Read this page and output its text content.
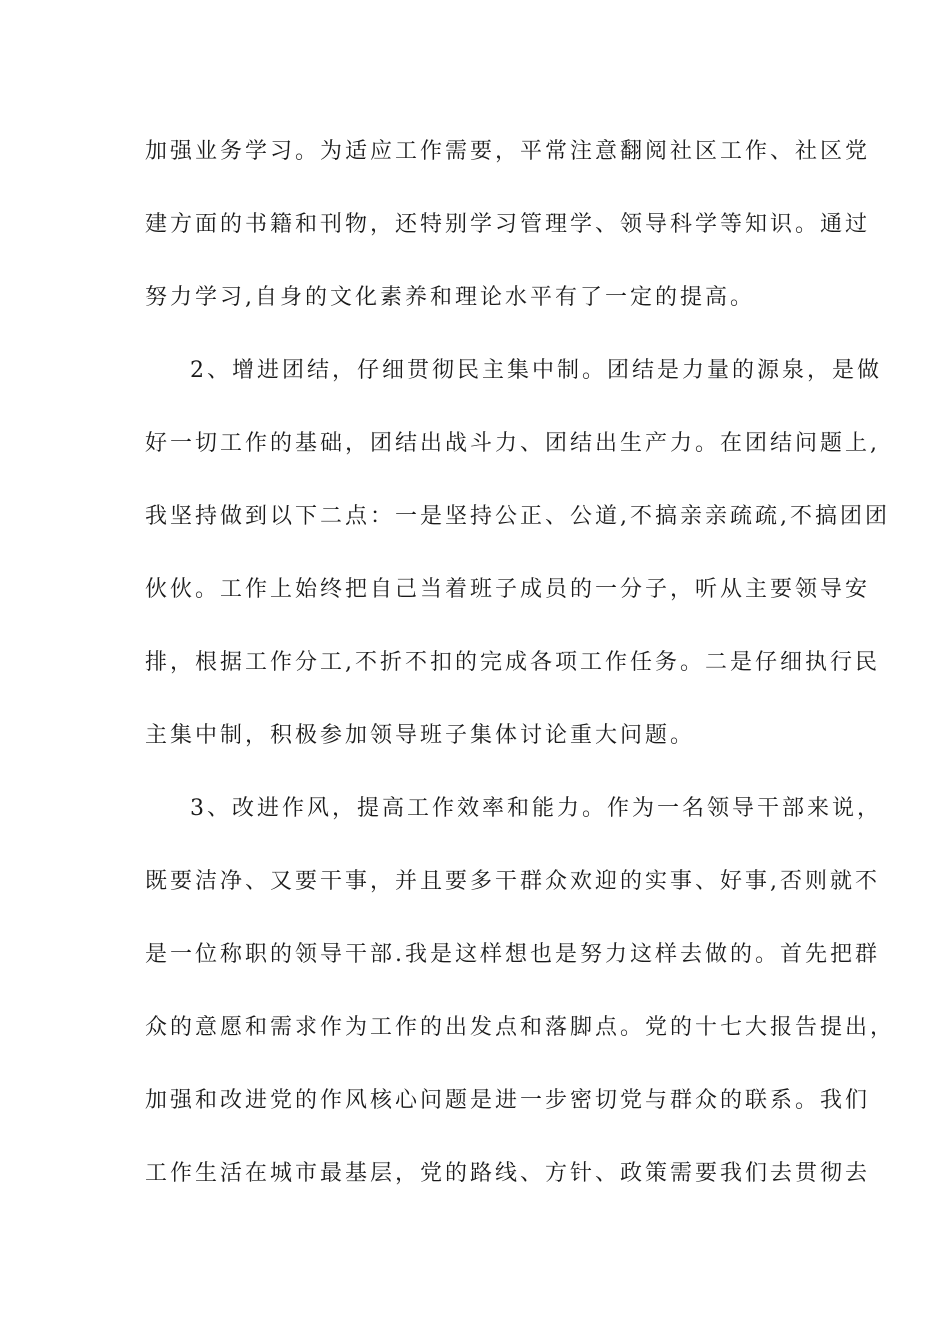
加强业务学习。为适应工作需要，平常注意翻阅社区工作、社区党
建方面的书籍和刊物，还特别学习管理学、领导科学等知识。通过
努力学习,自身的文化素养和理论水平有了一定的提高。
2、增进团结，仔细贯彻民主集中制。团结是力量的源泉，是做
好一切工作的基础，团结出战斗力、团结出生产力。在团结问题上,
我坚持做到以下二点：一是坚持公正、公道,不搞亲亲疏疏,不搞团团
伙伙。工作上始终把自己当着班子成员的一分子，听从主要领导安
排，根据工作分工,不折不扣的完成各项工作任务。二是仔细执行民
主集中制，积极参加领导班子集体讨论重大问题。
3、改进作风，提高工作效率和能力。作为一名领导干部来说，
既要洁净、又要干事，并且要多干群众欢迎的实事、好事,否则就不
是一位称职的领导干部.我是这样想也是努力这样去做的。首先把群
众的意愿和需求作为工作的出发点和落脚点。党的十七大报告提出，
加强和改进党的作风核心问题是进一步密切党与群众的联系。我们
工作生活在城市最基层，党的路线、方针、政策需要我们去贯彻去
